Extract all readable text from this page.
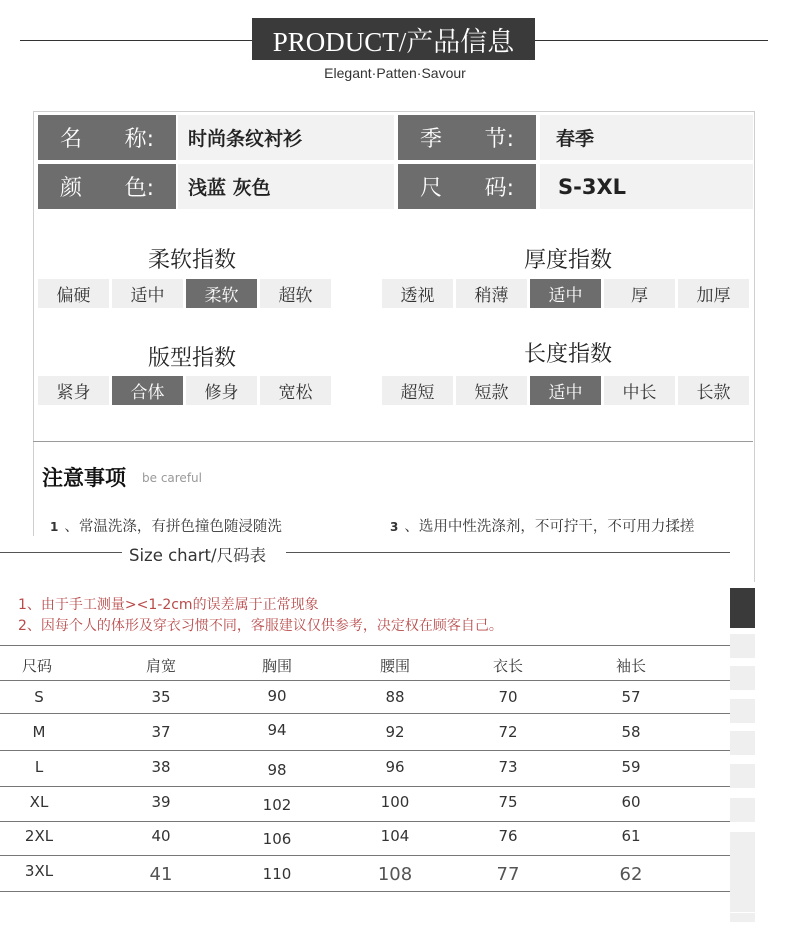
PRODUCT/产品信息
Elegant·Patten·Savour
名 称:	时尚条纹衬衫	季 节:	春季
颜 色:	浅蓝 灰色	尺 码:	S-3XL
柔软指数
偏硬	适中	柔软	超软
厚度指数
透视	稍薄	适中	厚	加厚
版型指数
紧身	合体	修身	宽松
长度指数
超短	短款	适中	中长	长款
注意事项 be careful
1 、常温洗涤，有拼色撞色随浸随洗	3 、选用中性洗涤剂，不可拧干，不可用力揉搓
Size chart/尺码表
1、由于手工测量><1-2cm的误差属于正常现象
2、因每个人的体形及穿衣习惯不同，客服建议仅供参考，决定权在顾客自己。
尺码	肩宽	胸围	腰围	衣长	袖长
S	35	90	88	70	57
M	37	94	92	72	58
L	38	98	96	73	59
XL	39	102	100	75	60
2XL	40	106	104	76	61
3XL	41	110	108	77	62
